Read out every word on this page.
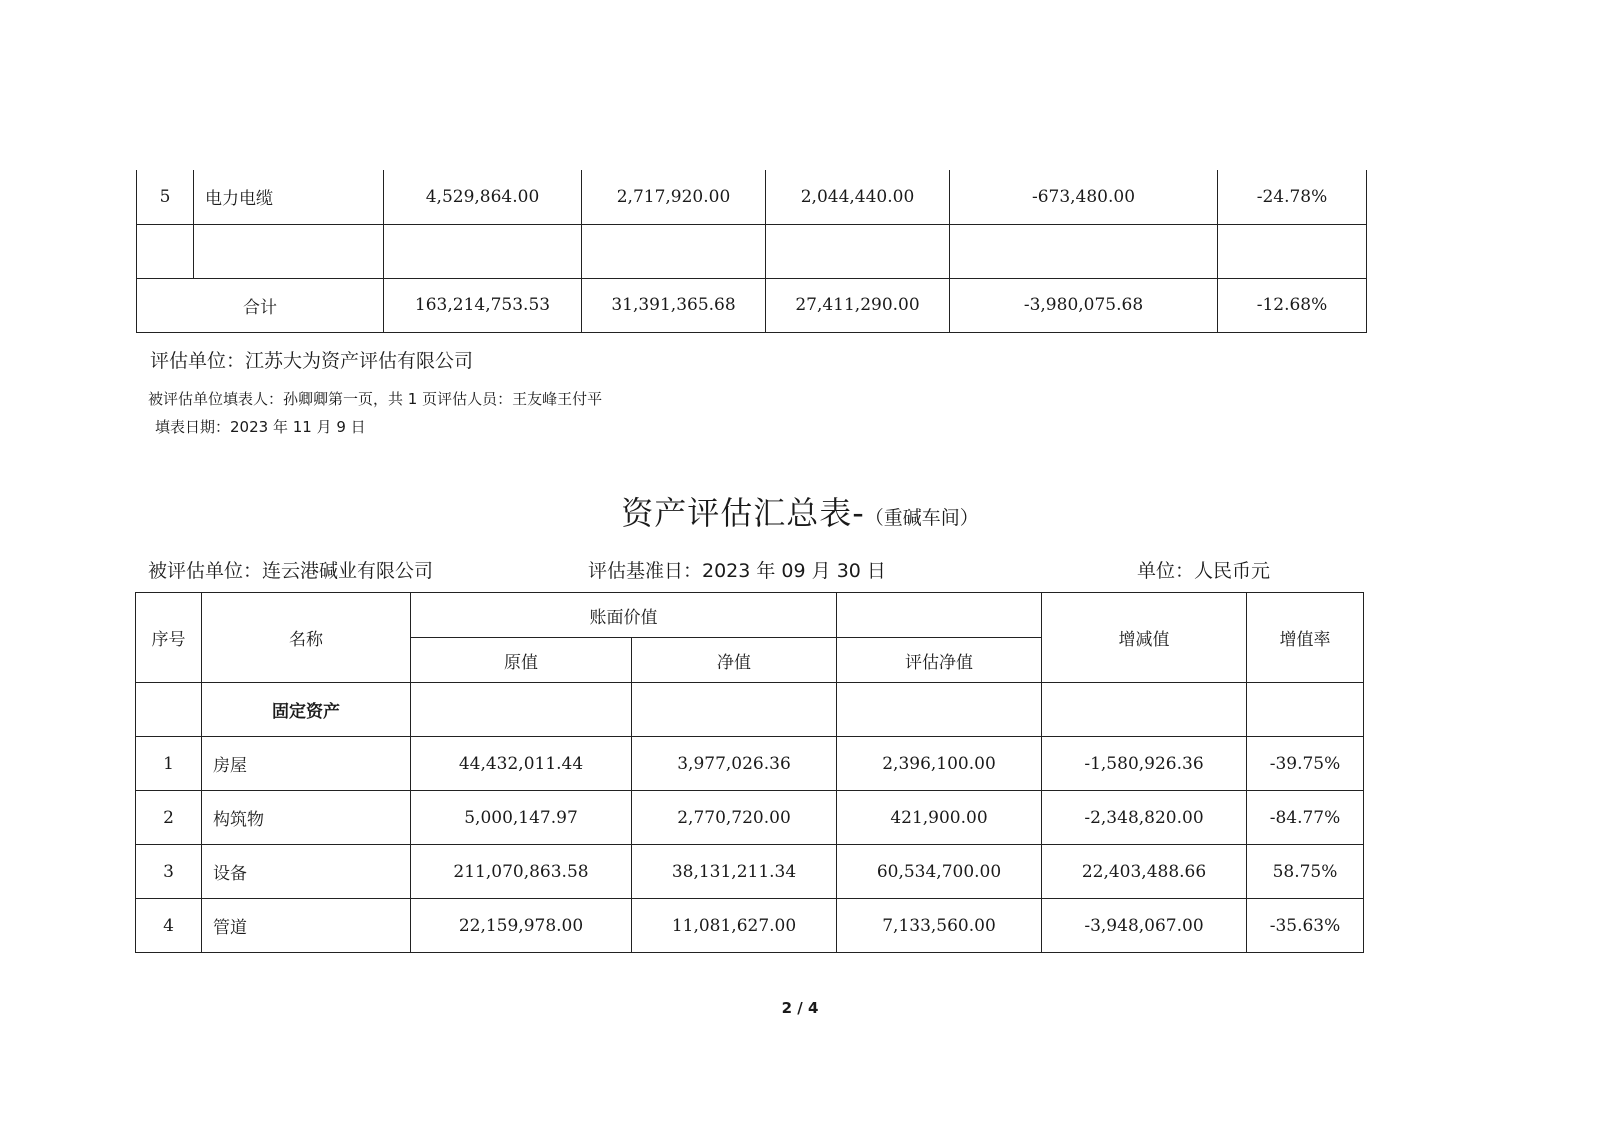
5	电力电缆	4,529,864.00	2,717,920.00	2,044,440.00	-673,480.00	-24.78%

合计		163,214,753.53	31,391,365.68	27,411,290.00	-3,980,075.68	-12.68%
评估单位：江苏大为资产评估有限公司
被评估单位填表人：孙卿卿第一页，共 1 页评估人员：王友峰王付平
填表日期：2023 年 11 月 9 日
资产评估汇总表-（重碱车间）
被评估单位：连云港碱业有限公司	评估基准日：2023 年 09 月 30 日	单位：人民币元
序号	名称	账面价值			增减值	增值率
		原值	净值	评估净值		
	固定资产					
1	房屋	44,432,011.44	3,977,026.36	2,396,100.00	-1,580,926.36	-39.75%
2	构筑物	5,000,147.97	2,770,720.00	421,900.00	-2,348,820.00	-84.77%
3	设备	211,070,863.58	38,131,211.34	60,534,700.00	22,403,488.66	58.75%
4	管道	22,159,978.00	11,081,627.00	7,133,560.00	-3,948,067.00	-35.63%
2 / 4
